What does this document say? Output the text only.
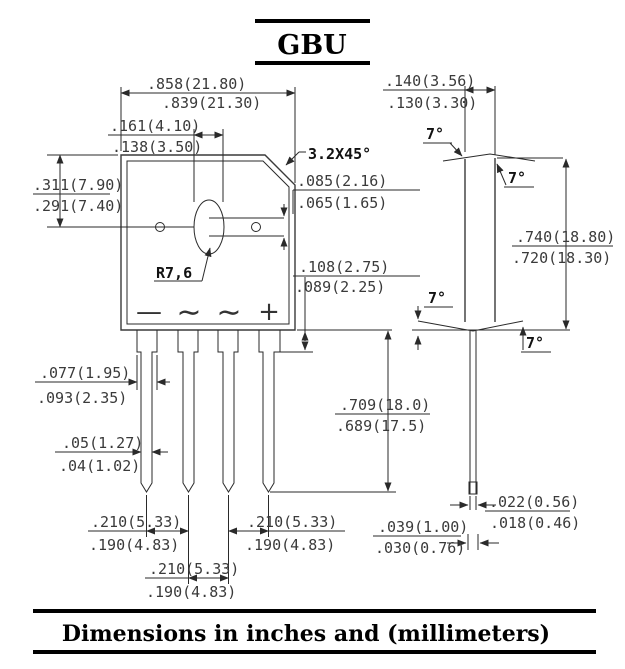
GBU
— ∼ ∼ +
.858(21.80)
.839(21.30)
.161(4.10)
.138(3.50)
.311(7.90)
.291(7.40)
.085(2.16)
.065(1.65)
.108(2.75)
.089(2.25)
.077(1.95)
.093(2.35)
.05(1.27)
.04(1.02)
.210(5.33)
.190(4.83)
.210(5.33)
.190(4.83)
.210(5.33)
.190(4.83)
.140(3.56)
.130(3.30)
.740(18.80)
.720(18.30)
.709(18.0)
.689(17.5)
.022(0.56)
.018(0.46)
.039(1.00)
.030(0.76)
3.2X45°
R7,6
7°
7°
7°
7°
Dimensions in inches and (millimeters)
